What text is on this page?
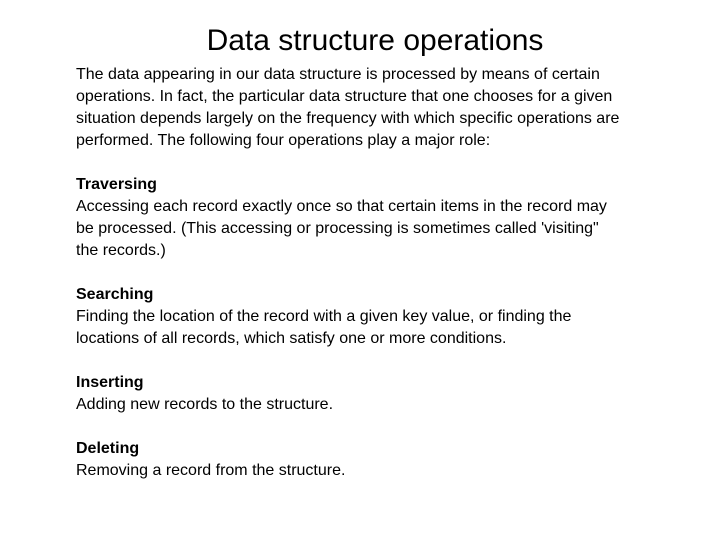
Data structure operations

The data appearing in our data structure is processed by means of certain
operations. In fact, the particular data structure that one chooses for a given
situation depends largely on the frequency with which specific operations are
performed. The following four operations play a major role:

Traversing
Accessing each record exactly once so that certain items in the record may
be processed. (This accessing or processing is sometimes called 'visiting"
the records.)
Searching
Finding the location of the record with a given key value, or finding the
locations of all records, which satisfy one or more conditions.
Inserting
Adding new records to the structure.
Deleting
Removing a record from the structure.
